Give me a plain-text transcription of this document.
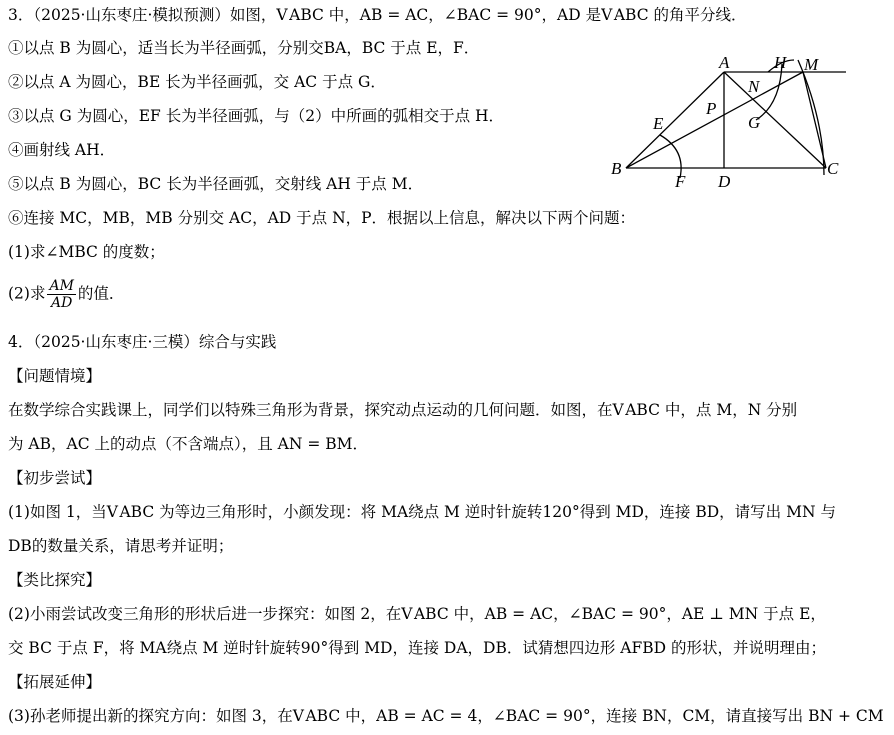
3．（2025·山东枣庄·模拟预测）如图，V ABC 中，AB = AC，∠BAC = 90°，AD 是V ABC 的角平分线．
①以点 B 为圆心，适当长为半径画弧，分别交BA，BC 于点 E，F．
②以点 A 为圆心，BE 长为半径画弧，交 AC 于点 G．
③以点 G 为圆心，EF 长为半径画弧，与（2）中所画的弧相交于点 H．
④画射线 AH．
⑤以点 B 为圆心，BC 长为半径画弧，交射线 AH 于点 M．
⑥连接 MC，MB，MB 分别交 AC，AD 于点 N，P．根据以上信息，解决以下两个问题：
(1)求∠MBC 的度数；
(2)求 $\frac{AM}{AD}$ 的值．
A	H M
N
P
G
E
B
F D
C
4．（2025·山东枣庄·三模）综合与实践
【问题情境】
在数学综合实践课上，同学们以特殊三角形为背景，探究动点运动的几何问题．如图，在V ABC 中，点 M，N 分别
为 AB，AC 上的动点（不含端点），且 AN = BM．
【初步尝试】
(1)如图 1，当V ABC 为等边三角形时，小颜发现：将 MA绕点 M 逆时针旋转120°得到 MD，连接 BD，请写出 MN 与
DB的数量关系，请思考并证明；
【类比探究】
(2)小雨尝试改变三角形的形状后进一步探究：如图 2，在V ABC 中，AB = AC，∠BAC = 90°，AE ⊥ MN 于点 E，
交 BC 于点 F，将 MA绕点 M 逆时针旋转90°得到 MD，连接 DA，DB．试猜想四边形 AFBD 的形状，并说明理由；
【拓展延伸】
(3)孙老师提出新的探究方向：如图 3，在V ABC 中，AB = AC = 4，∠BAC = 90°，连接 BN，CM，请直接写出 BN + CM
